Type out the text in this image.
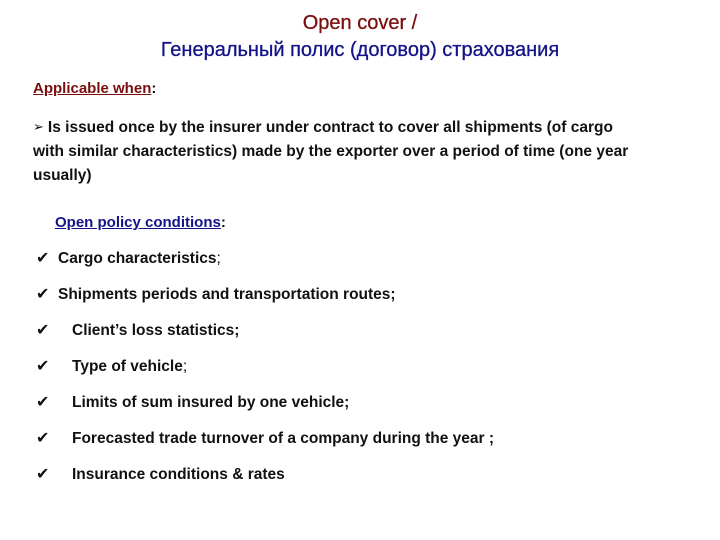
Open cover /
Генеральный полис (договор) страхования
Applicable when:
➢ Is issued once by the insurer under contract to cover all shipments (of cargo with similar characteristics) made by the exporter over a period of time (one year usually)
Open policy conditions:
✔ Cargo characteristics;
✔ Shipments periods and transportation routes;
✔	Client’s loss statistics;
✔	Type of vehicle;
✔	Limits of sum insured by one vehicle;
✔	Forecasted trade turnover of a company during the year ;
✔	Insurance conditions & rates
